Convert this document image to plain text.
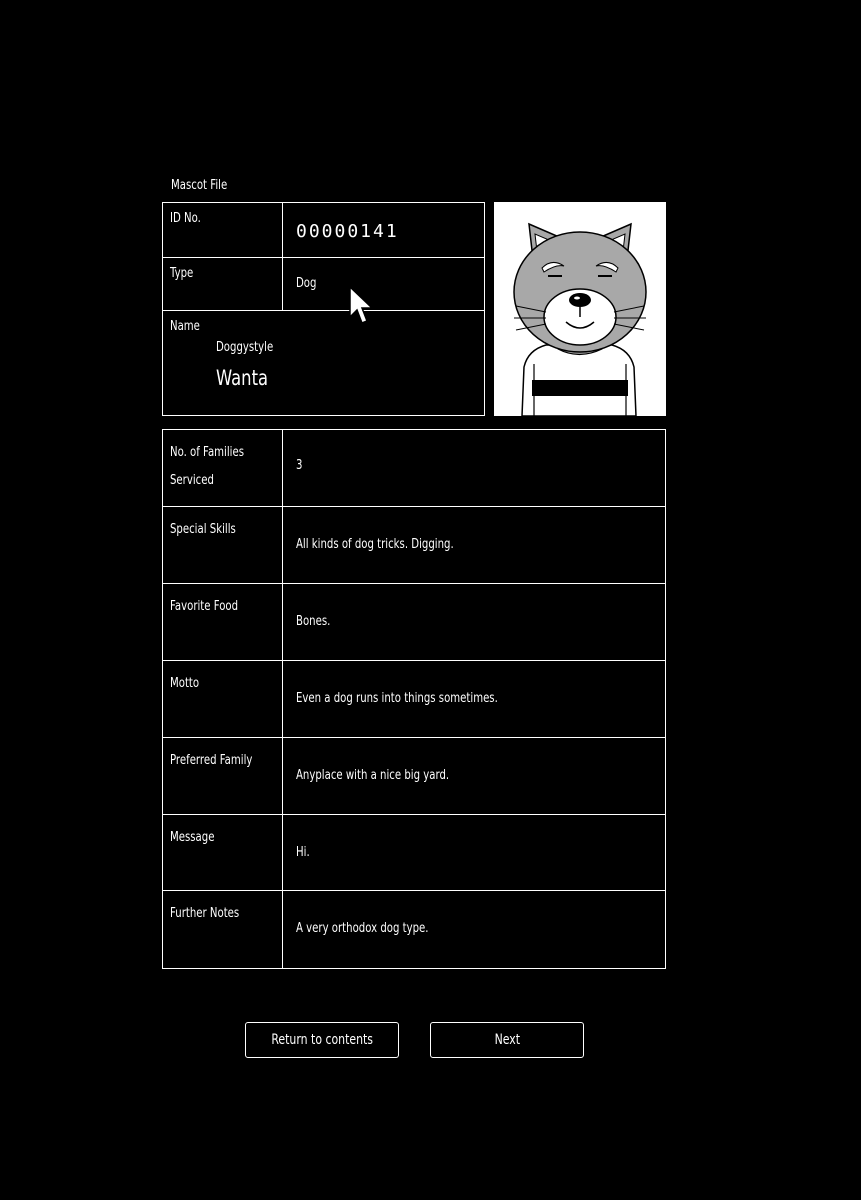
Mascot File
ID No.
00000141
Type
Dog
Name
Doggystyle
Wanta
No. of Families
Serviced
3
Special Skills
All kinds of dog tricks. Digging.
Favorite Food
Bones.
Motto
Even a dog runs into things sometimes.
Preferred Family
Anyplace with a nice big yard.
Message
Hi.
Further Notes
A very orthodox dog type.
Return to contents	Next
